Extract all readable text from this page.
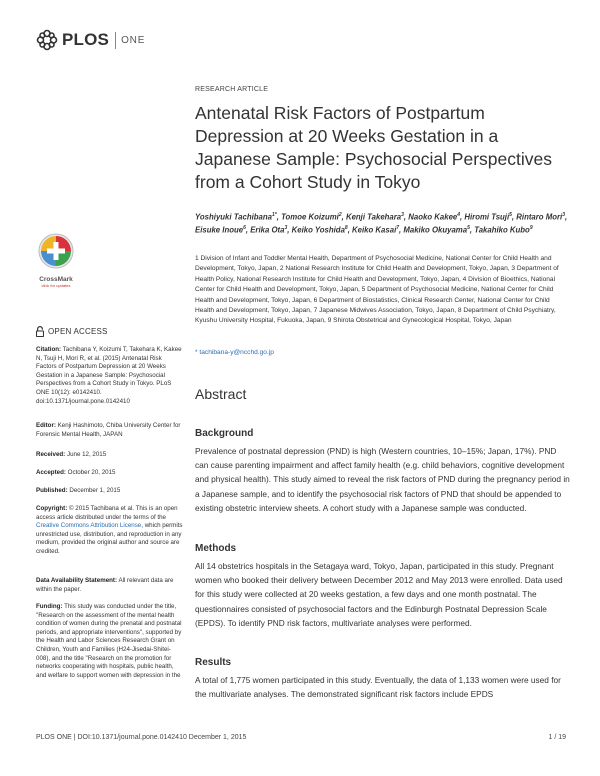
PLOS ONE
RESEARCH ARTICLE
Antenatal Risk Factors of Postpartum Depression at 20 Weeks Gestation in a Japanese Sample: Psychosocial Perspectives from a Cohort Study in Tokyo
Yoshiyuki Tachibana$^{1*}$, Tomoe Koizumi$^2$, Kenji Takehara$^3$, Naoko Kakee$^4$, Hiromi Tsuji$^5$, Rintaro Mori$^3$, Eisuke Inoue$^6$, Erika Ota$^3$, Keiko Yoshida$^8$, Keiko Kasai$^7$, Makiko Okuyama$^5$, Takahiko Kubo$^9$
1 Division of Infant and Toddler Mental Health, Department of Psychosocial Medicine, National Center for Child Health and Development, Tokyo, Japan, 2 National Research Institute for Child Health and Development, Tokyo, Japan, 3 Department of Health Policy, National Research Institute for Child Health and Development, Tokyo, Japan, 4 Division of Bioethics, National Center for Child Health and Development, Tokyo, Japan, 5 Department of Psychosocial Medicine, National Center for Child Health and Development, Tokyo, Japan, 6 Department of Biostatistics, Clinical Research Center, National Center for Child Health and Development, Tokyo, Japan, 7 Japanese Midwives Association, Tokyo, Japan, 8 Department of Child Psychiatry, Kyushu University Hospital, Fukuoka, Japan, 9 Shirota Obstetrical and Gynecological Hospital, Tokyo, Japan
* tachibana-y@ncchd.go.jp
CrossMark
click for updates
OPEN ACCESS
Citation: Tachibana Y, Koizumi T, Takehara K, Kakee N, Tsuji H, Mori R, et al. (2015) Antenatal Risk Factors of Postpartum Depression at 20 Weeks Gestation in a Japanese Sample: Psychosocial Perspectives from a Cohort Study in Tokyo. PLoS ONE 10(12): e0142410. doi:10.1371/journal.pone.0142410
Editor: Kenji Hashimoto, Chiba University Center for Forensic Mental Health, JAPAN
Received: June 12, 2015
Accepted: October 20, 2015
Published: December 1, 2015
Copyright: © 2015 Tachibana et al. This is an open access article distributed under the terms of the Creative Commons Attribution License, which permits unrestricted use, distribution, and reproduction in any medium, provided the original author and source are credited.
Data Availability Statement: All relevant data are within the paper.
Funding: This study was conducted under the title, "Research on the assessment of the mental health condition of women during the prenatal and postnatal periods, and appropriate interventions", supported by the Health and Labor Sciences Research Grant on Children, Youth and Families (H24-Jisedai-Shitei-008), and the title "Research on the promotion for networks cooperating with hospitals, public health, and welfare to support women with depression in the
Abstract
Background
Prevalence of postnatal depression (PND) is high (Western countries, 10–15%; Japan, 17%). PND can cause parenting impairment and affect family health (e.g. child behaviors, cognitive development and physical health). This study aimed to reveal the risk factors of PND during the pregnancy period in a Japanese sample, and to identify the psychosocial risk factors of PND that should be appended to existing obstetric interview sheets. A cohort study with a Japanese sample was conducted.
Methods
All 14 obstetrics hospitals in the Setagaya ward, Tokyo, Japan, participated in this study. Pregnant women who booked their delivery between December 2012 and May 2013 were enrolled. Data used for this study were collected at 20 weeks gestation, a few days and one month postnatal. The questionnaires consisted of psychosocial factors and the Edinburgh Postnatal Depression Scale (EPDS). To identify PND risk factors, multivariate analyses were performed.
Results
A total of 1,775 women participated in this study. Eventually, the data of 1,133 women were used for the multivariate analyses. The demonstrated significant risk factors include EPDS
PLOS ONE | DOI:10.1371/journal.pone.0142410 December 1, 2015	1 / 19
